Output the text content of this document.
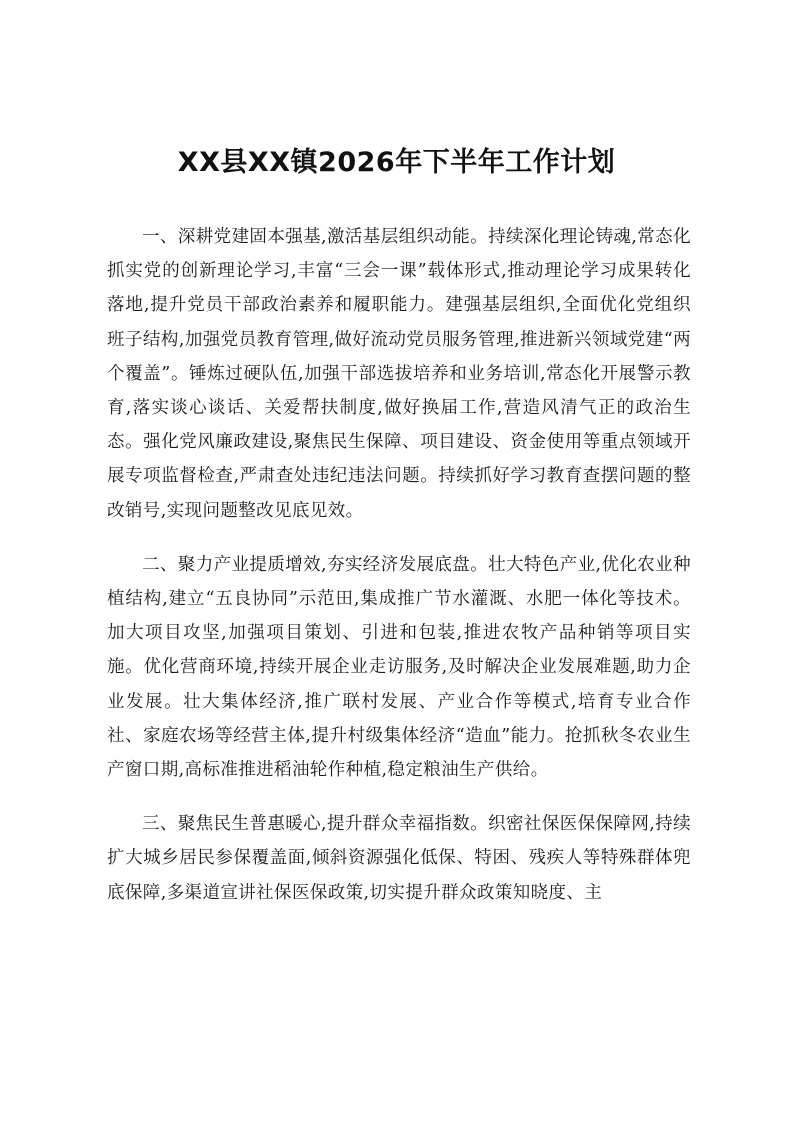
XX县XX镇2026年下半年工作计划

一、深耕党建固本强基,激活基层组织动能。持续深化理论铸魂,常态化抓实党的创新理论学习,丰富“三会一课”载体形式,推动理论学习成果转化落地,提升党员干部政治素养和履职能力。建强基层组织,全面优化党组织班子结构,加强党员教育管理,做好流动党员服务管理,推进新兴领域党建“两个覆盖”。锤炼过硬队伍,加强干部选拔培养和业务培训,常态化开展警示教育,落实谈心谈话、关爱帮扶制度,做好换届工作,营造风清气正的政治生态。强化党风廉政建设,聚焦民生保障、项目建设、资金使用等重点领域开展专项监督检查,严肃查处违纪违法问题。持续抓好学习教育查摆问题的整改销号,实现问题整改见底见效。

二、聚力产业提质增效,夯实经济发展底盘。壮大特色产业,优化农业种植结构,建立“五良协同”示范田,集成推广节水灌溉、水肥一体化等技术。加大项目攻坚,加强项目策划、引进和包装,推进农牧产品种销等项目实施。优化营商环境,持续开展企业走访服务,及时解决企业发展难题,助力企业发展。壮大集体经济,推广联村发展、产业合作等模式,培育专业合作社、家庭农场等经营主体,提升村级集体经济“造血”能力。抢抓秋冬农业生产窗口期,高标准推进稻油轮作种植,稳定粮油生产供给。

三、聚焦民生普惠暖心,提升群众幸福指数。织密社保医保保障网,持续扩大城乡居民参保覆盖面,倾斜资源强化低保、特困、残疾人等特殊群体兜底保障,多渠道宣讲社保医保政策,切实提升群众政策知晓度、主
